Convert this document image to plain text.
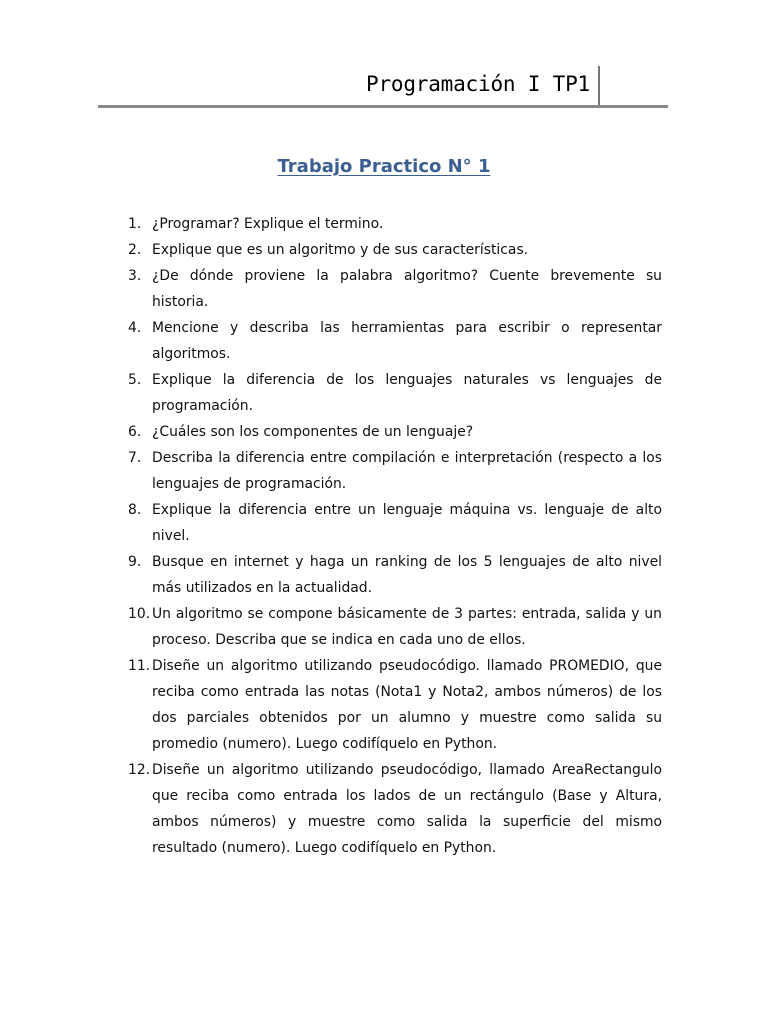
Programación I TP1
Trabajo Practico N° 1
1. ¿Programar? Explique el termino.
2. Explique que es un algoritmo y de sus características.
3. ¿De dónde proviene la palabra algoritmo? Cuente brevemente su historia.
4. Mencione y describa las herramientas para escribir o representar algoritmos.
5. Explique la diferencia de los lenguajes naturales vs lenguajes de programación.
6. ¿Cuáles son los componentes de un lenguaje?
7. Describa la diferencia entre compilación e interpretación (respecto a los lenguajes de programación.
8. Explique la diferencia entre un lenguaje máquina vs. lenguaje de alto nivel.
9. Busque en internet y haga un ranking de los 5 lenguajes de alto nivel más utilizados en la actualidad.
10. Un algoritmo se compone básicamente de 3 partes: entrada, salida y un proceso. Describa que se indica en cada uno de ellos.
11. Diseñe un algoritmo utilizando pseudocódigo. llamado PROMEDIO, que reciba como entrada las notas (Nota1 y Nota2, ambos números) de los dos parciales obtenidos por un alumno y muestre como salida su promedio (numero). Luego codifíquelo en Python.
12. Diseñe un algoritmo utilizando pseudocódigo, llamado AreaRectangulo que reciba como entrada los lados de un rectángulo (Base y Altura, ambos números) y muestre como salida la superficie del mismo resultado (numero). Luego codifíquelo en Python.
